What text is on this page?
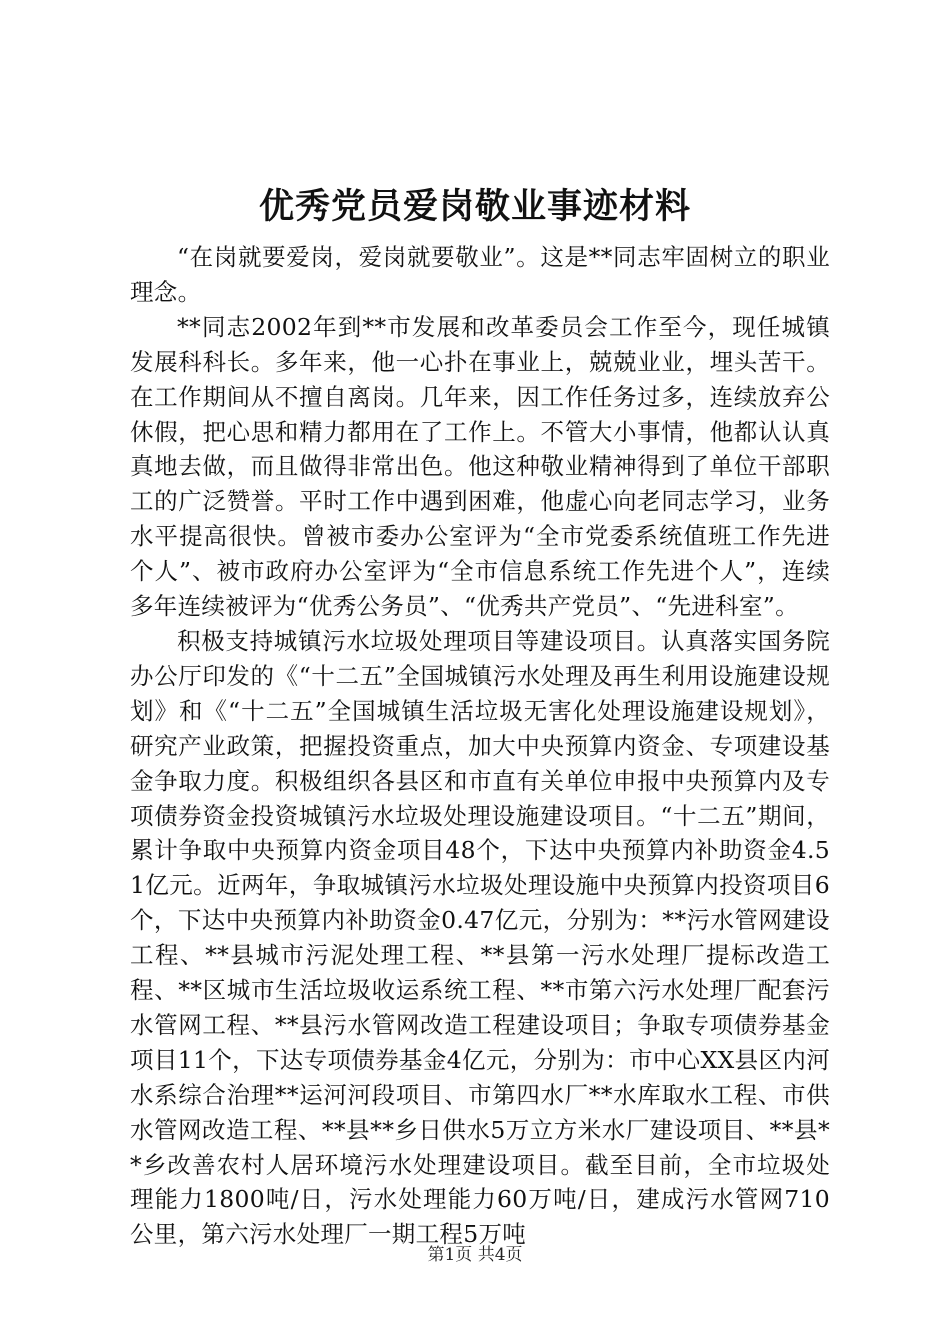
优秀党员爱岗敬业事迹材料

“在岗就要爱岗，爱岗就要敬业”。这是**同志牢固树立的职业理念。

**同志2002年到**市发展和改革委员会工作至今，现任城镇发展科科长。多年来，他一心扑在事业上，兢兢业业，埋头苦干。在工作期间从不擅自离岗。几年来，因工作任务过多，连续放弃公休假，把心思和精力都用在了工作上。不管大小事情，他都认认真真地去做，而且做得非常出色。他这种敬业精神得到了单位干部职工的广泛赞誉。平时工作中遇到困难，他虚心向老同志学习，业务水平提高很快。曾被市委办公室评为“全市党委系统值班工作先进个人”、被市政府办公室评为“全市信息系统工作先进个人”，连续多年连续被评为“优秀公务员”、“优秀共产党员”、“先进科室”。

积极支持城镇污水垃圾处理项目等建设项目。认真落实国务院办公厅印发的《“十二五”全国城镇污水处理及再生利用设施建设规划》和《“十二五”全国城镇生活垃圾无害化处理设施建设规划》，研究产业政策，把握投资重点，加大中央预算内资金、专项建设基金争取力度。积极组织各县区和市直有关单位申报中央预算内及专项债券资金投资城镇污水垃圾处理设施建设项目。“十二五”期间，累计争取中央预算内资金项目48个，下达中央预算内补助资金4.51亿元。近两年，争取城镇污水垃圾处理设施中央预算内投资项目6个，下达中央预算内补助资金0.47亿元，分别为：**污水管网建设工程、**县城市污泥处理工程、**县第一污水处理厂提标改造工程、**区城市生活垃圾收运系统工程、**市第六污水处理厂配套污水管网工程、**县污水管网改造工程建设项目；争取专项债券基金项目11个，下达专项债券基金4亿元，分别为：市中心XX县区内河水系综合治理**运河河段项目、市第四水厂**水库取水工程、市供水管网改造工程、**县**乡日供水5万立方米水厂建设项目、**县**乡改善农村人居环境污水处理建设项目。截至目前，全市垃圾处理能力1800吨/日，污水处理能力60万吨/日，建成污水管网710公里，第六污水处理厂一期工程5万吨

第1页 共4页
